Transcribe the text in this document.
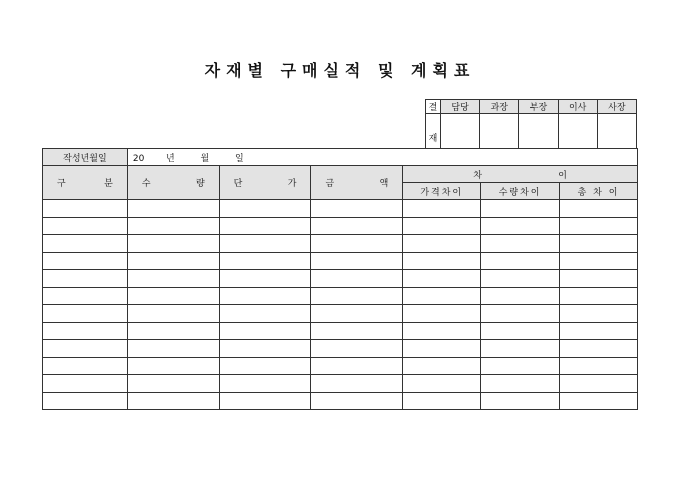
자재별 구매실적 및 계획표
결	담당	과장	부장	이사	사장
재					
작성년월일	20 년 월 일					

구 분	수 량	단 가	금 액	차 이		

				가격차이	수량차이	총 차 이
